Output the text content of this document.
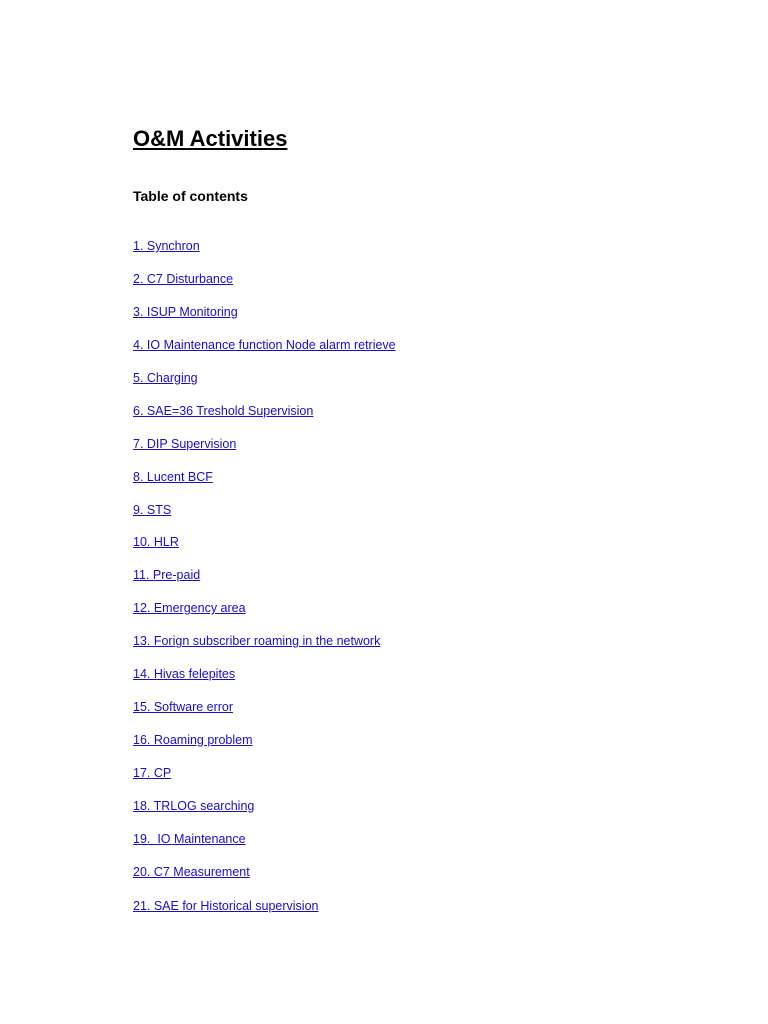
O&M Activities
Table of contents
1. Synchron
2. C7 Disturbance
3. ISUP Monitoring
4. IO Maintenance function Node alarm retrieve
5. Charging
6. SAE=36 Treshold Supervision
7. DIP Supervision
8. Lucent BCF
9. STS
10. HLR
11. Pre-paid
12. Emergency area
13. Forign subscriber roaming in the network
14. Hivas felepites
15. Software error
16. Roaming problem
17. CP
18. TRLOG searching
19.  IO Maintenance
20. C7 Measurement
21. SAE for Historical supervision
